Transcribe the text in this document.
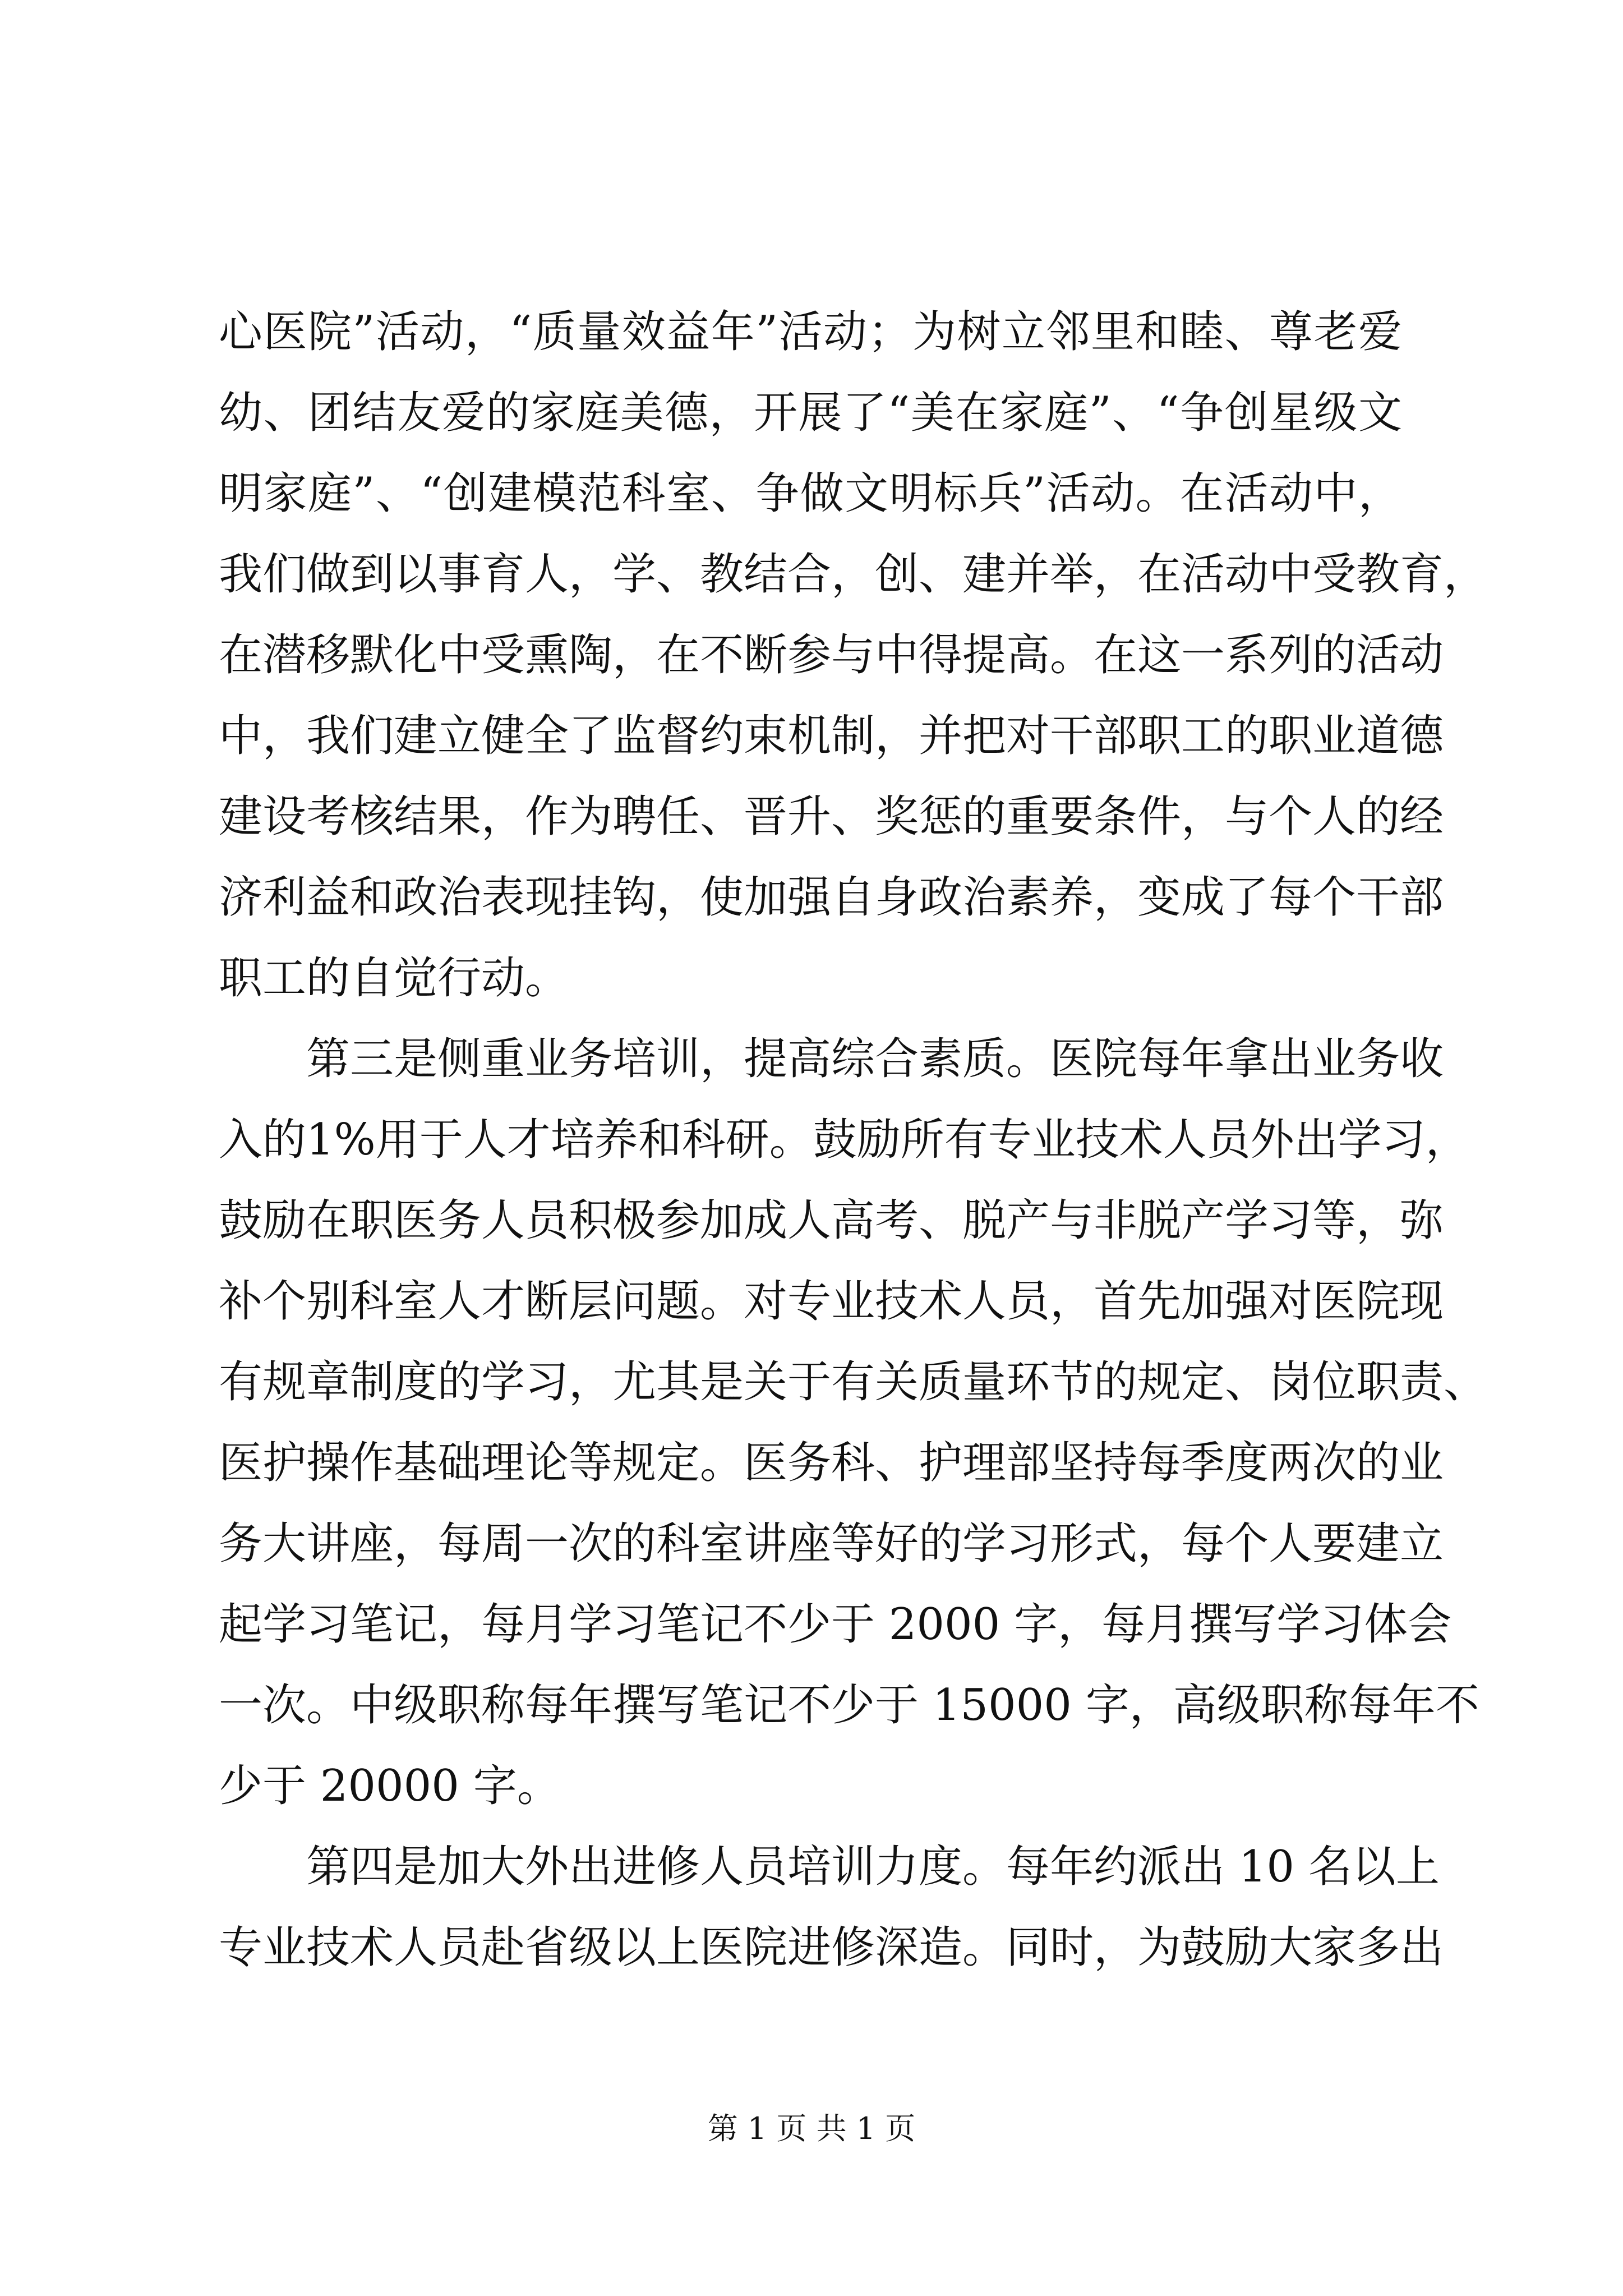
心医院”活动，“质量效益年”活动；为树立邻里和睦、尊老爱
幼、团结友爱的家庭美德，开展了“美在家庭”、“争创星级文
明家庭”、“创建模范科室、争做文明标兵”活动。在活动中，
我们做到以事育人，学、教结合，创、建并举，在活动中受教育，
在潜移默化中受熏陶，在不断参与中得提高。在这一系列的活动
中，我们建立健全了监督约束机制，并把对干部职工的职业道德
建设考核结果，作为聘任、晋升、奖惩的重要条件，与个人的经
济利益和政治表现挂钩，使加强自身政治素养，变成了每个干部
职工的自觉行动。
　　第三是侧重业务培训，提高综合素质。医院每年拿出业务收
入的1%用于人才培养和科研。鼓励所有专业技术人员外出学习，
鼓励在职医务人员积极参加成人高考、脱产与非脱产学习等，弥
补个别科室人才断层问题。对专业技术人员，首先加强对医院现
有规章制度的学习，尤其是关于有关质量环节的规定、岗位职责、
医护操作基础理论等规定。医务科、护理部坚持每季度两次的业
务大讲座，每周一次的科室讲座等好的学习形式，每个人要建立
起学习笔记，每月学习笔记不少于 2000 字，每月撰写学习体会
一次。中级职称每年撰写笔记不少于 15000 字，高级职称每年不
少于 20000 字。
　　第四是加大外出进修人员培训力度。每年约派出 10 名以上
专业技术人员赴省级以上医院进修深造。同时，为鼓励大家多出
第 1 页 共 1 页
